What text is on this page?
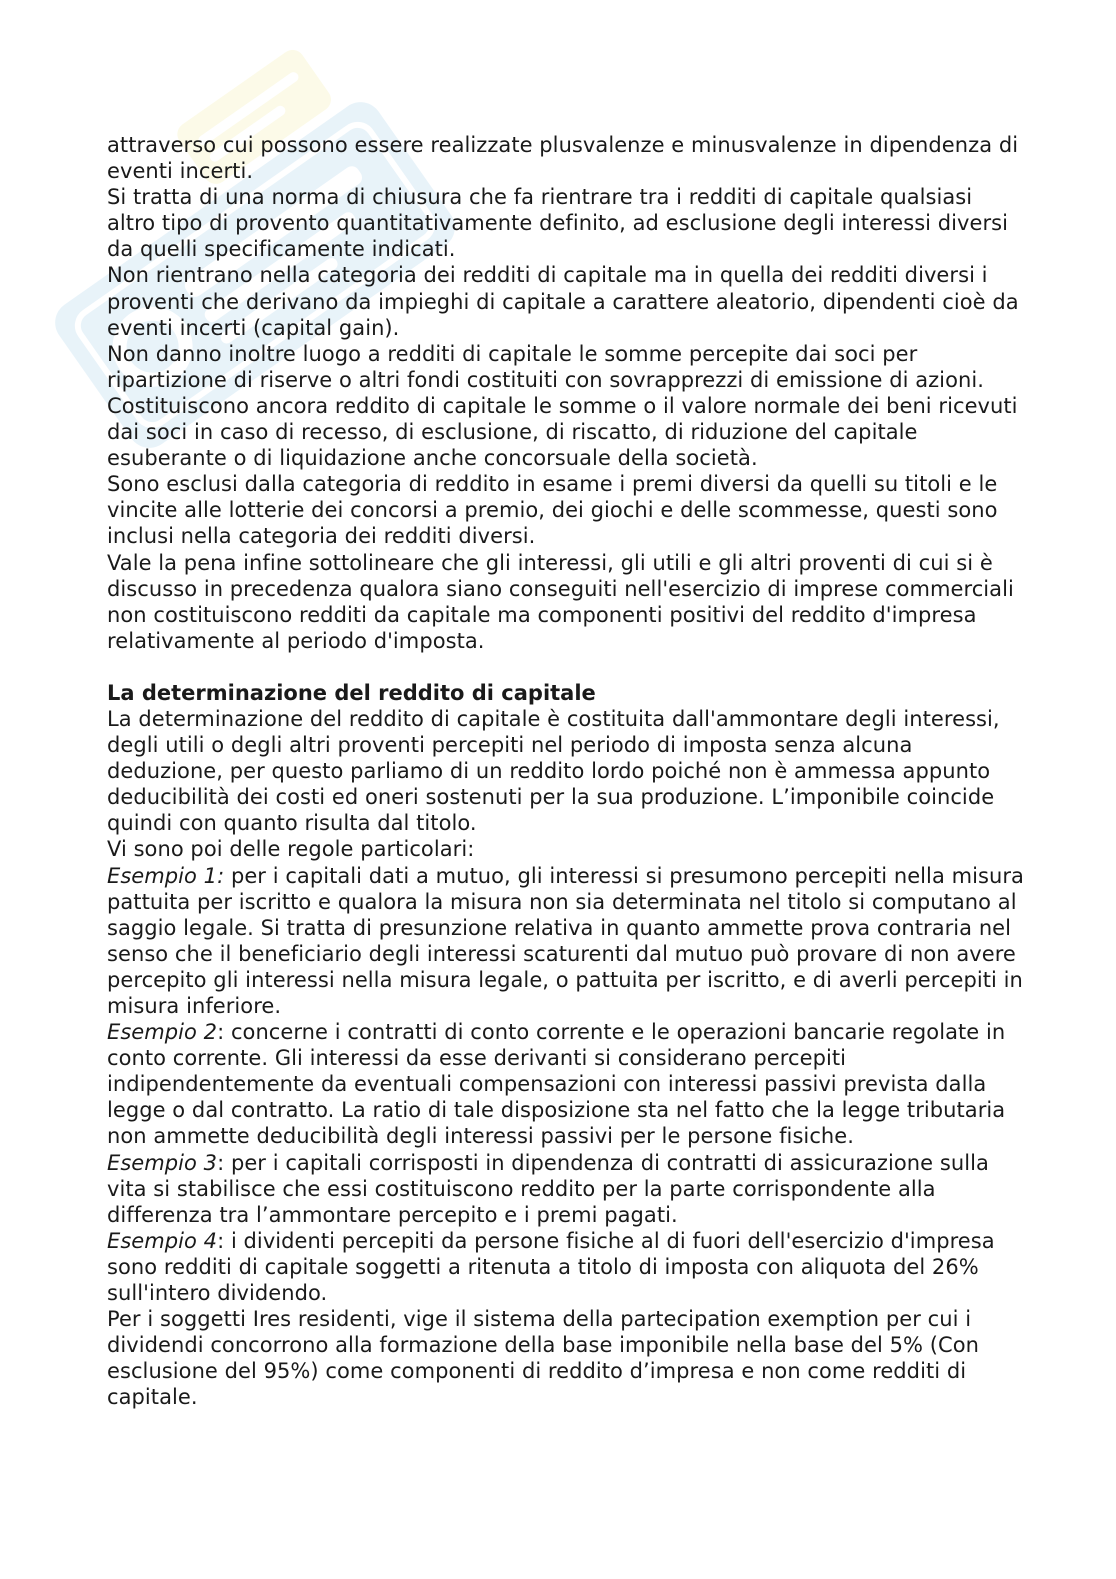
attraverso cui possono essere realizzate plusvalenze e minusvalenze in dipendenza di eventi incerti.

Si tratta di una norma di chiusura che fa rientrare tra i redditi di capitale qualsiasi altro tipo di provento quantitativamente definito, ad esclusione degli interessi diversi da quelli specificamente indicati.

Non rientrano nella categoria dei redditi di capitale ma in quella dei redditi diversi i proventi che derivano da impieghi di capitale a carattere aleatorio, dipendenti cioè da eventi incerti (capital gain).

Non danno inoltre luogo a redditi di capitale le somme percepite dai soci per ripartizione di riserve o altri fondi costituiti con sovrapprezzi di emissione di azioni.

Costituiscono ancora reddito di capitale le somme o il valore normale dei beni ricevuti dai soci in caso di recesso, di esclusione, di riscatto, di riduzione del capitale esuberante o di liquidazione anche concorsuale della società.

Sono esclusi dalla categoria di reddito in esame i premi diversi da quelli su titoli e le vincite alle lotterie dei concorsi a premio, dei giochi e delle scommesse, questi sono inclusi nella categoria dei redditi diversi.

Vale la pena infine sottolineare che gli interessi, gli utili e gli altri proventi di cui si è discusso in precedenza qualora siano conseguiti nell'esercizio di imprese commerciali non costituiscono redditi da capitale ma componenti positivi del reddito d'impresa relativamente al periodo d'imposta.

La determinazione del reddito di capitale

La determinazione del reddito di capitale è costituita dall'ammontare degli interessi, degli utili o degli altri proventi percepiti nel periodo di imposta senza alcuna deduzione, per questo parliamo di un reddito lordo poiché non è ammessa appunto deducibilità dei costi ed oneri sostenuti per la sua produzione. L’imponibile coincide quindi con quanto risulta dal titolo.

Vi sono poi delle regole particolari:

Esempio 1: per i capitali dati a mutuo, gli interessi si presumono percepiti nella misura pattuita per iscritto e qualora la misura non sia determinata nel titolo si computano al saggio legale. Si tratta di presunzione relativa in quanto ammette prova contraria nel senso che il beneficiario degli interessi scaturenti dal mutuo può provare di non avere percepito gli interessi nella misura legale, o pattuita per iscritto, e di averli percepiti in misura inferiore.

Esempio 2: concerne i contratti di conto corrente e le operazioni bancarie regolate in conto corrente. Gli interessi da esse derivanti si considerano percepiti indipendentemente da eventuali compensazioni con interessi passivi prevista dalla legge o dal contratto. La ratio di tale disposizione sta nel fatto che la legge tributaria non ammette deducibilità degli interessi passivi per le persone fisiche.

Esempio 3: per i capitali corrisposti in dipendenza di contratti di assicurazione sulla vita si stabilisce che essi costituiscono reddito per la parte corrispondente alla differenza tra l’ammontare percepito e i premi pagati.

Esempio 4: i dividenti percepiti da persone fisiche al di fuori dell'esercizio d'impresa sono redditi di capitale soggetti a ritenuta a titolo di imposta con aliquota del 26% sull'intero dividendo.

Per i soggetti Ires residenti, vige il sistema della partecipation exemption per cui i dividendi concorrono alla formazione della base imponibile nella base del 5% (Con esclusione del 95%) come componenti di reddito d’impresa e non come redditi di capitale.
